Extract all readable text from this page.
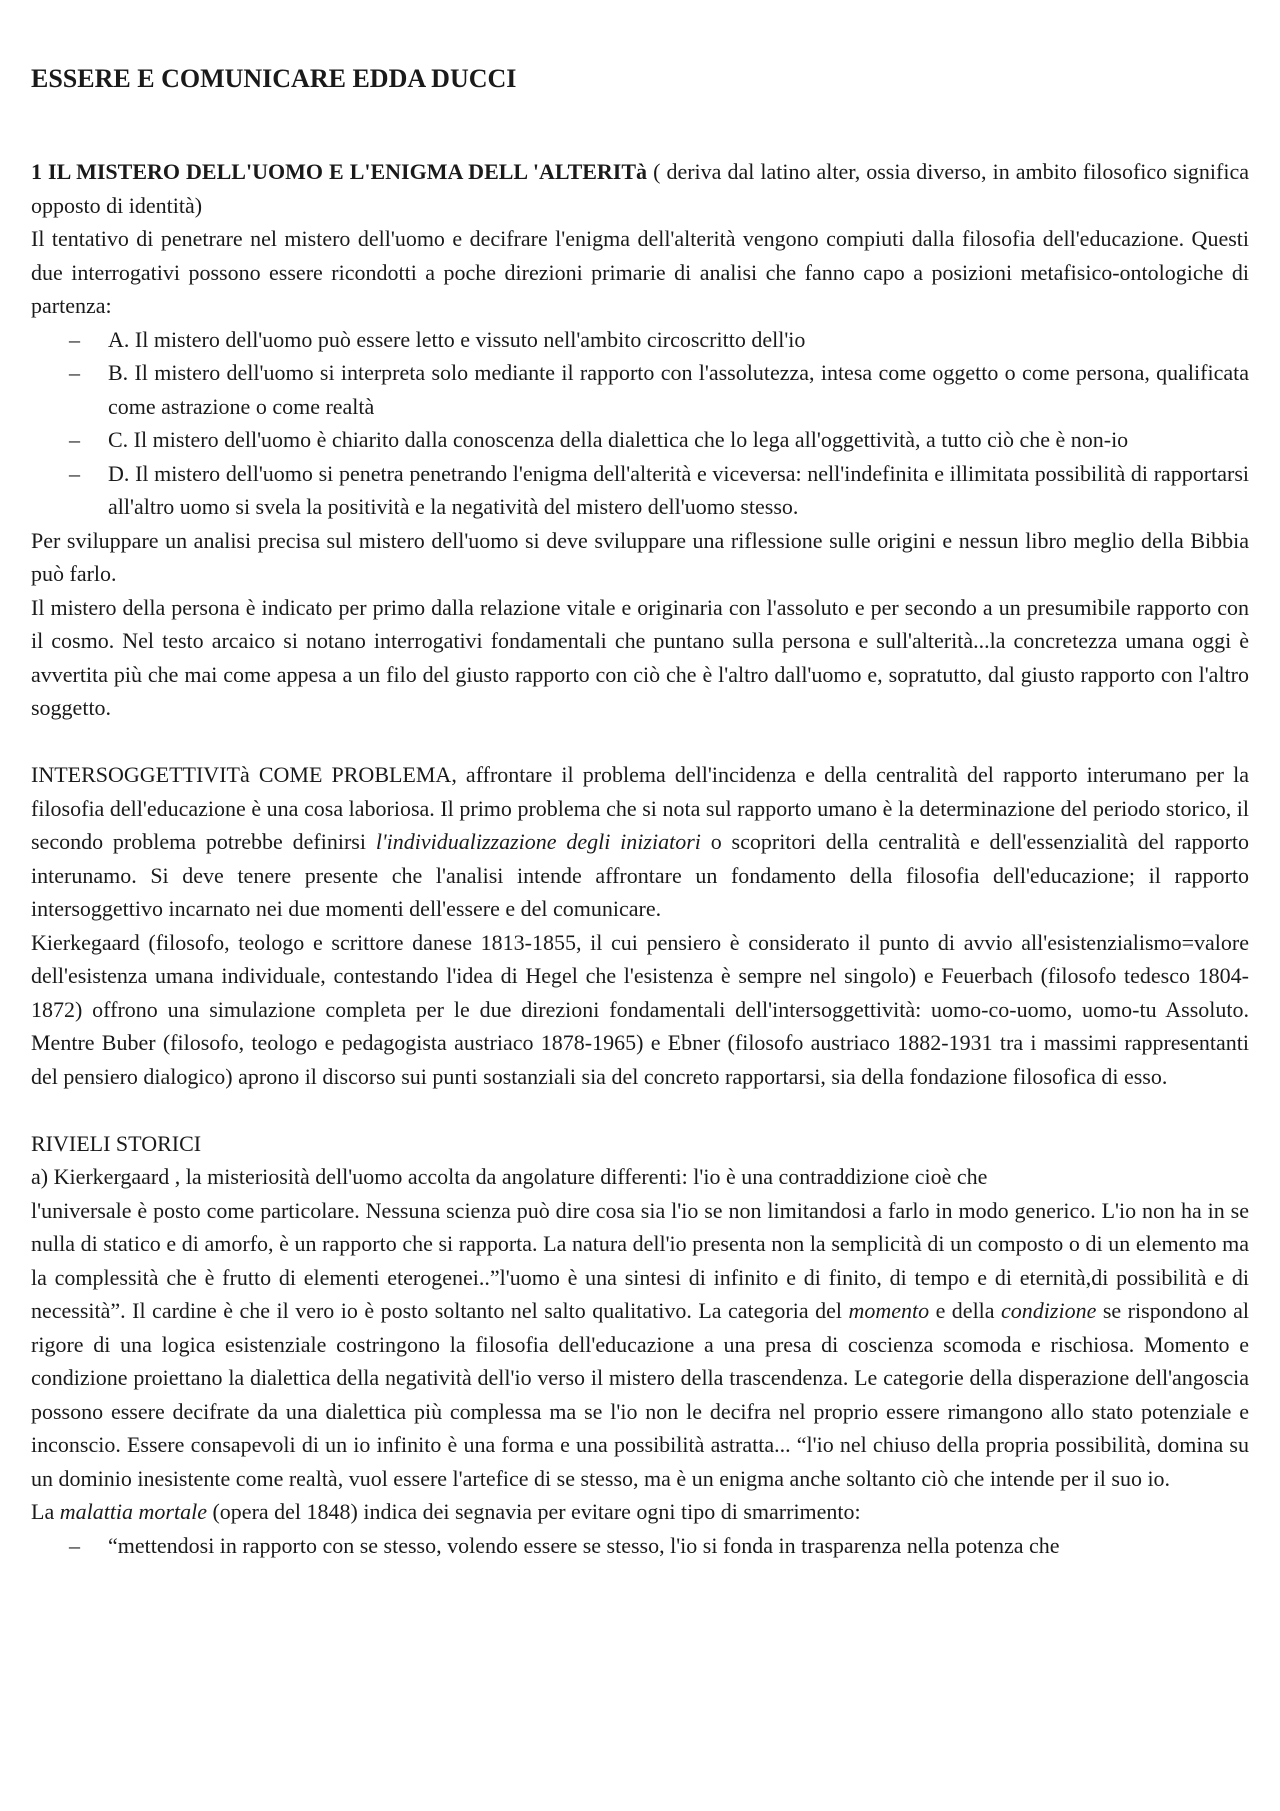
ESSERE E COMUNICARE EDDA DUCCI

1 IL MISTERO DELL'UOMO E L'ENIGMA DELL 'ALTERITà ( deriva dal latino alter, ossia diverso, in ambito filosofico significa opposto di identità)

Il tentativo di penetrare nel mistero dell'uomo e decifrare l'enigma dell'alterità vengono compiuti dalla filosofia dell'educazione. Questi due interrogativi possono essere ricondotti a poche direzioni primarie di analisi che fanno capo a posizioni metafisico-ontologiche di partenza:

– A. Il mistero dell'uomo può essere letto e vissuto nell'ambito circoscritto dell'io
– B. Il mistero dell'uomo si interpreta solo mediante il rapporto con l'assolutezza, intesa come oggetto o come persona, qualificata come astrazione o come realtà
– C. Il mistero dell'uomo è chiarito dalla conoscenza della dialettica che lo lega all'oggettività, a tutto ciò che è non-io
– D. Il mistero dell'uomo si penetra penetrando l'enigma dell'alterità e viceversa: nell'indefinita e illimitata possibilità di rapportarsi all'altro uomo si svela la positività e la negatività del mistero dell'uomo stesso.

Per sviluppare un analisi precisa sul mistero dell'uomo si deve sviluppare una riflessione sulle origini e nessun libro meglio della Bibbia può farlo.

Il mistero della persona è indicato per primo dalla relazione vitale e originaria con l'assoluto e per secondo a un presumibile rapporto con il cosmo. Nel testo arcaico si notano interrogativi fondamentali che puntano sulla persona e sull'alterità...la concretezza umana oggi è avvertita più che mai come appesa a un filo del giusto rapporto con ciò che è l'altro dall'uomo e, sopratutto, dal giusto rapporto con l'altro soggetto.

INTERSOGGETTIVITà COME PROBLEMA, affrontare il problema dell'incidenza e della centralità del rapporto interumano per la filosofia dell'educazione è una cosa laboriosa. Il primo problema che si nota sul rapporto umano è la determinazione del periodo storico, il secondo problema potrebbe definirsi l'individualizzazione degli iniziatori o scopritori della centralità e dell'essenzialità del rapporto interunamo. Si deve tenere presente che l'analisi intende affrontare un fondamento della filosofia dell'educazione; il rapporto intersoggettivo incarnato nei due momenti dell'essere e del comunicare.

Kierkegaard (filosofo, teologo e scrittore danese 1813-1855, il cui pensiero è considerato il punto di avvio all'esistenzialismo=valore dell'esistenza umana individuale, contestando l'idea di Hegel che l'esistenza è sempre nel singolo) e Feuerbach (filosofo tedesco 1804-1872) offrono una simulazione completa per le due direzioni fondamentali dell'intersoggettività: uomo-co-uomo, uomo-tu Assoluto. Mentre Buber (filosofo, teologo e pedagogista austriaco 1878-1965) e Ebner (filosofo austriaco 1882-1931 tra i massimi rappresentanti del pensiero dialogico) aprono il discorso sui punti sostanziali sia del concreto rapportarsi, sia della fondazione filosofica di esso.

RIVIELI STORICI

a) Kierkergaard , la misteriosità dell'uomo accolta da angolature differenti: l'io è una contraddizione cioè che

l'universale è posto come particolare. Nessuna scienza può dire cosa sia l'io se non limitandosi a farlo in modo generico. L'io non ha in se nulla di statico e di amorfo, è un rapporto che si rapporta. La natura dell'io presenta non la semplicità di un composto o di un elemento ma la complessità che è frutto di elementi eterogenei..”l'uomo è una sintesi di infinito e di finito, di tempo e di eternità,di possibilità e di necessità”. Il cardine è che il vero io è posto soltanto nel salto qualitativo. La categoria del momento e della condizione se rispondono al rigore di una logica esistenziale costringono la filosofia dell'educazione a una presa di coscienza scomoda e rischiosa. Momento e condizione proiettano la dialettica della negatività dell'io verso il mistero della trascendenza. Le categorie della disperazione dell'angoscia possono essere decifrate da una dialettica più complessa ma se l'io non le decifra nel proprio essere rimangono allo stato potenziale e inconscio. Essere consapevoli di un io infinito è una forma e una possibilità astratta... “l'io nel chiuso della propria possibilità, domina su un dominio inesistente come realtà, vuol essere l'artefice di se stesso, ma è un enigma anche soltanto ciò che intende per il suo io.

La malattia mortale (opera del 1848) indica dei segnavia per evitare ogni tipo di smarrimento:

– “mettendosi in rapporto con se stesso, volendo essere se stesso, l'io si fonda in trasparenza nella potenza che
